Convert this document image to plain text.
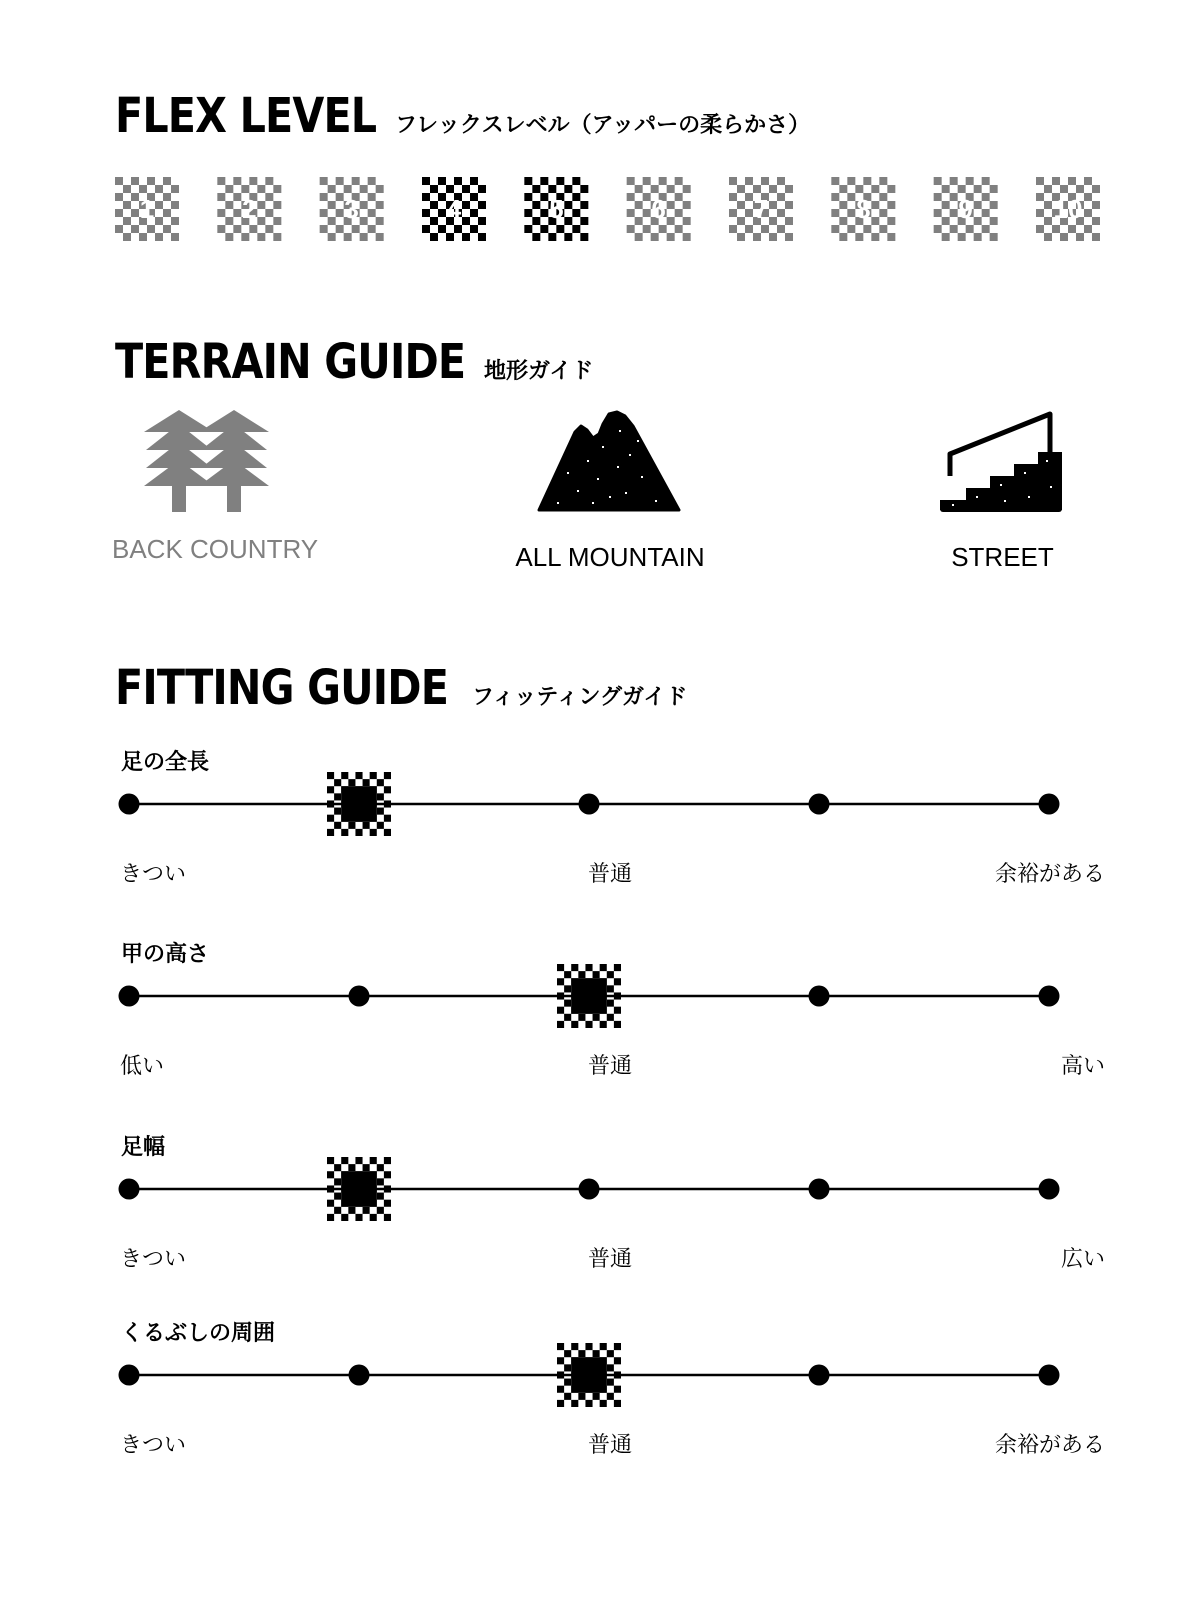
FLEX LEVEL フレックスレベル（アッパーの柔らかさ）
1	2	3	4	5	6	7	8	9	10
TERRAIN GUIDE 地形ガイド
BACK COUNTRY	ALL MOUNTAIN	STREET
FITTING GUIDE フィッティングガイド
足の全長
きつい	普通	余裕がある
甲の高さ
低い	普通	高い
足幅
きつい	普通	広い
くるぶしの周囲
きつい	普通	余裕がある
